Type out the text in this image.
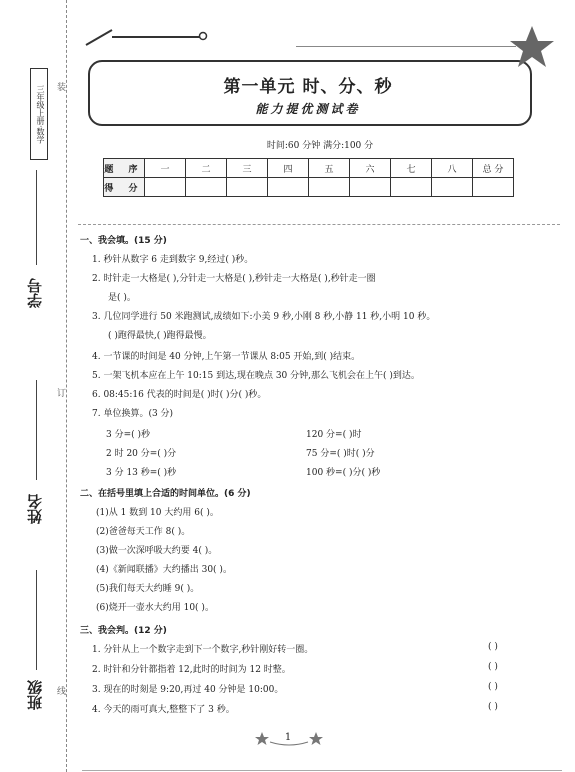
三年级上册·数学	装
订
线
学号
姓名
班级
第一单元 时、分、秒
能力提优测试卷
时间:60 分钟 满分:100 分
题 序	一	二	三	四	五	六	七	八	总 分
得 分									
一、我会填。(15 分)
1. 秒针从数字 6 走到数字 9,经过( )秒。
2. 时针走一大格是( ),分针走一大格是( ),秒针走一大格是( ),秒针走一圈
是( )。
3. 几位同学进行 50 米跑测试,成绩如下:小美 9 秒,小刚 8 秒,小静 11 秒,小明 10 秒。
( )跑得最快,( )跑得最慢。
4. 一节课的时间是 40 分钟,上午第一节课从 8:05 开始,到( )结束。
5. 一架飞机本应在上午 10:15 到达,现在晚点 30 分钟,那么飞机会在上午( )到达。
6. 08:45:16 代表的时间是( )时( )分( )秒。
7. 单位换算。(3 分)
3 分=( )秒	120 分=( )时
2 时 20 分=( )分	75 分=( )时( )分
3 分 13 秒=( )秒	100 秒=( )分( )秒
二、在括号里填上合适的时间单位。(6 分)
(1)从 1 数到 10 大约用 6( )。
(2)爸爸每天工作 8( )。
(3)做一次深呼吸大约要 4( )。
(4)《新闻联播》大约播出 30( )。
(5)我们每天大约睡 9( )。
(6)烧开一壶水大约用 10( )。
三、我会判。(12 分)
1. 分针从上一个数字走到下一个数字,秒针刚好转一圈。	( )
2. 时针和分针都指着 12,此时的时间为 12 时整。	( )
3. 现在的时刻是 9:20,再过 40 分钟是 10:00。	( )
4. 今天的雨可真大,整整下了 3 秒。	( )
1
